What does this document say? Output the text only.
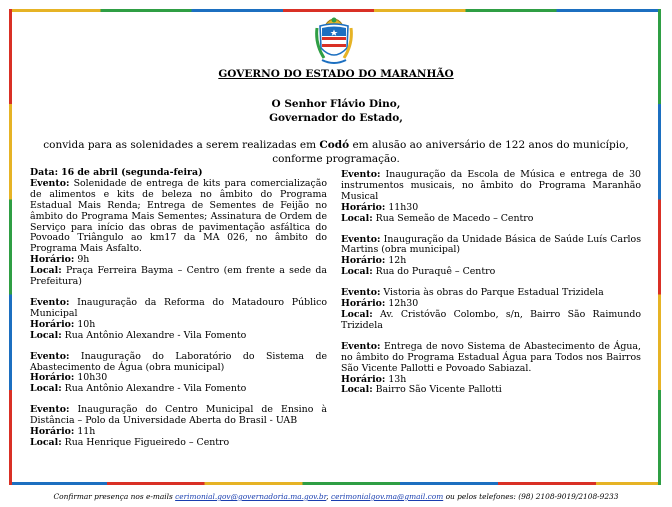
GOVERNO DO ESTADO DO MARANHÃO
O Senhor Flávio Dino,
Governador do Estado,
convida para as solenidades a serem realizadas em Codó em alusão ao aniversário de 122 anos do município, conforme programação.
Data: 16 de abril (segunda-feira)
Evento: Solenidade de entrega de kits para comercialização de alimentos e kits de beleza no âmbito do Programa Estadual Mais Renda; Entrega de Sementes de Feijão no âmbito do Programa Mais Sementes; Assinatura de Ordem de Serviço para início das obras de pavimentação asfáltica do Povoado Triângulo ao km17 da MA 026, no âmbito do Programa Mais Asfalto.
Horário: 9h
Local: Praça Ferreira Bayma – Centro (em frente a sede da Prefeitura)
Evento: Inauguração da Reforma do Matadouro Público Municipal
Horário: 10h
Local: Rua Antônio Alexandre - Vila Fomento
Evento: Inauguração do Laboratório do Sistema de Abastecimento de Água (obra municipal)
Horário: 10h30
Local: Rua Antônio Alexandre - Vila Fomento
Evento: Inauguração do Centro Municipal de Ensino à Distância – Polo da Universidade Aberta do Brasil - UAB
Horário: 11h
Local: Rua Henrique Figueiredo – Centro
Evento: Inauguração da Escola de Música e entrega de 30 instrumentos musicais, no âmbito do Programa Maranhão Musical
Horário: 11h30
Local: Rua Semeão de Macedo – Centro
Evento: Inauguração da Unidade Básica de Saúde Luís Carlos Martins (obra municipal)
Horário: 12h
Local: Rua do Puraquê – Centro
Evento: Vistoria às obras do Parque Estadual Trizidela
Horário: 12h30
Local: Av. Cristóvão Colombo, s/n, Bairro São Raimundo Trizidela
Evento: Entrega de novo Sistema de Abastecimento de Água, no âmbito do Programa Estadual Água para Todos nos Bairros São Vicente Pallotti e Povoado Sabiazal.
Horário: 13h
Local: Bairro São Vicente Pallotti
Confirmar presença nos e-mails cerimonial.gov@governadoria.ma.gov.br, cerimonialgov.ma@gmail.com ou pelos telefones: (98) 2108-9019/2108-9233
